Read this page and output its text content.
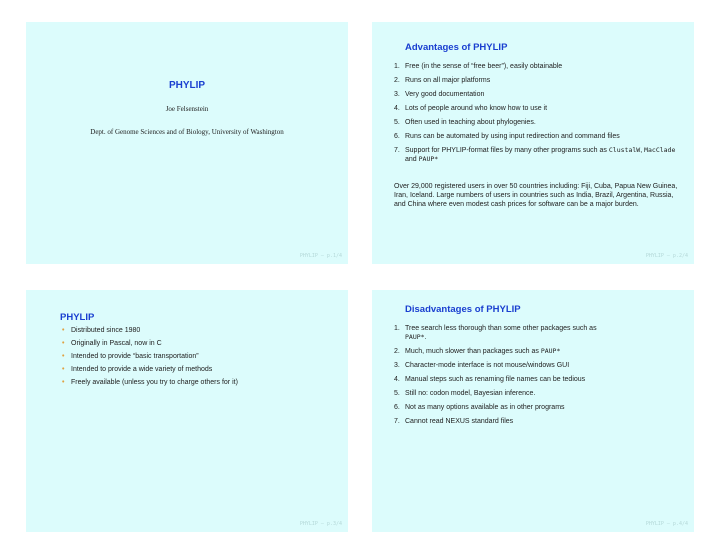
PHYLIP
Joe Felsenstein
Dept. of Genome Sciences and of Biology, University of Washington
PHYLIP – p.1/4
Advantages of PHYLIP
1. Free (in the sense of “free beer”), easily obtainable
2. Runs on all major platforms
3. Very good documentation
4. Lots of people around who know how to use it
5. Often used in teaching about phylogenies.
6. Runs can be automated by using input redirection and command files
7. Support for PHYLIP-format files by many other programs such as ClustalW, MacClade and PAUP*
Over 29,000 registered users in over 50 countries including: Fiji, Cuba, Papua New Guinea, Iran, Iceland. Large numbers of users in countries such as India, Brazil, Argentina, Russia, and China where even modest cash prices for software can be a major burden.
PHYLIP – p.2/4
PHYLIP
• Distributed since 1980
• Originally in Pascal, now in C
• Intended to provide “basic transportation”
• Intended to provide a wide variety of methods
• Freely available (unless you try to charge others for it)
PHYLIP – p.3/4
Disadvantages of PHYLIP
1. Tree search less thorough than some other packages such as
PAUP*.
2. Much, much slower than packages such as PAUP*
3. Character-mode interface is not mouse/windows GUI
4. Manual steps such as renaming file names can be tedious
5. Still no: codon model, Bayesian inference.
6. Not as many options available as in other programs
7. Cannot read NEXUS standard files
PHYLIP – p.4/4
